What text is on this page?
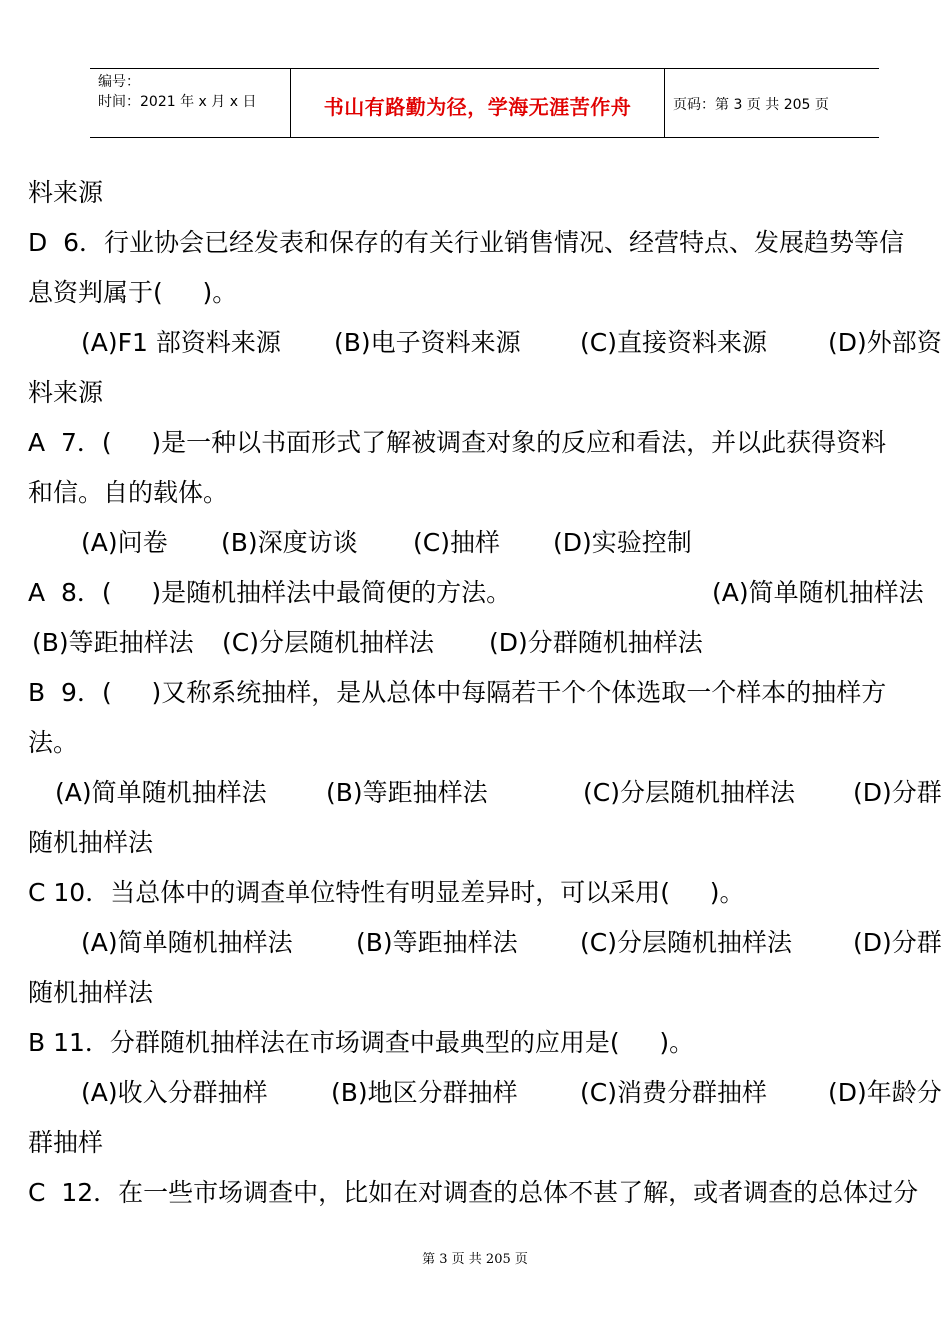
编号：
时间：2021 年 x 月 x 日	书山有路勤为径，学海无涯苦作舟	页码：第 3 页 共 205 页
料来源
D  6．行业协会已经发表和保存的有关行业销售情况、经营特点、发展趋势等信
息资判属于(     )。
(A)F1 部资料来源 (B)电子资料来源 (C)直接资料来源 (D)外部资
料来源
A  7．(     )是一种以书面形式了解被调查对象的反应和看法，并以此获得资料
和信。自的载体。
(A)问卷 (B)深度访谈 (C)抽样 (D)实验控制
A  8．(     )是随机抽样法中最简便的方法。	(A)简单随机抽样法
(B)等距抽样法 (C)分层随机抽样法 (D)分群随机抽样法
B  9．(     )又称系统抽样，是从总体中每隔若干个个体选取一个样本的抽样方
法。
(A)简单随机抽样法 (B)等距抽样法	(C)分层随机抽样法 (D)分群
随机抽样法
C 10．当总体中的调查单位特性有明显差异时，可以采用(     )。
(A)简单随机抽样法	(B)等距抽样法 (C)分层随机抽样法 (D)分群
随机抽样法
B 11．分群随机抽样法在市场调查中最典型的应用是(     )。
(A)收入分群抽样	(B)地区分群抽样 (C)消费分群抽样 (D)年龄分
群抽样
C  12．在一些市场调查中，比如在对调查的总体不甚了解，或者调查的总体过分
第 3 页 共 205 页
